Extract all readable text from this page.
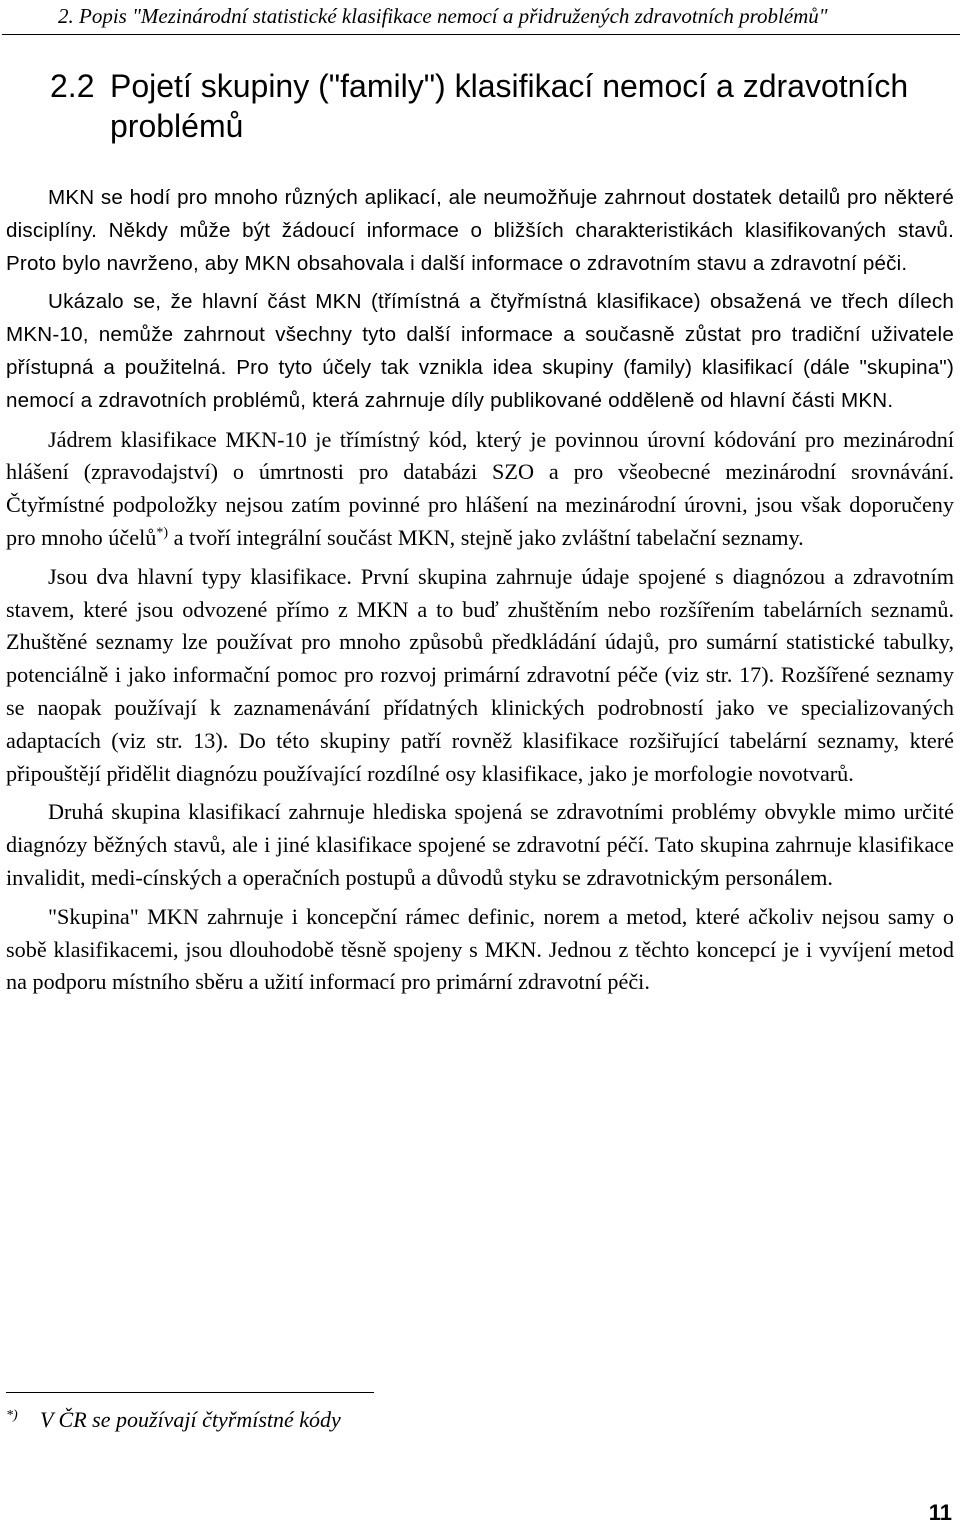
2. Popis "Mezinárodní statistické klasifikace nemocí a přidružených zdravotních problémů"
2.2 Pojetí skupiny ("family") klasifikací nemocí a zdravotních problémů

MKN se hodí pro mnoho různých aplikací, ale neumožňuje zahrnout dostatek detailů pro některé disciplíny. Někdy může být žádoucí informace o bližších charakteristikách klasifikovaných stavů. Proto bylo navrženo, aby MKN obsahovala i další informace o zdravotním stavu a zdravotní péči.

Ukázalo se, že hlavní část MKN (třímístná a čtyřmístná klasifikace) obsažená ve třech dílech MKN-10, nemůže zahrnout všechny tyto další informace a současně zůstat pro tradiční uživatele přístupná a použitelná. Pro tyto účely tak vznikla idea skupiny (family) klasifikací (dále "skupina") nemocí a zdravotních problémů, která zahrnuje díly publikované odděleně od hlavní části MKN.

Jádrem klasifikace MKN-10 je třímístný kód, který je povinnou úrovní kódování pro mezinárodní hlášení (zpravodajství) o úmrtnosti pro databázi SZO a pro všeobecné mezinárodní srovnávání. Čtyřmístné podpoložky nejsou zatím povinné pro hlášení na mezinárodní úrovni, jsou však doporučeny pro mnoho účelů*) a tvoří integrální součást MKN, stejně jako zvláštní tabelační seznamy.

Jsou dva hlavní typy klasifikace. První skupina zahrnuje údaje spojené s diagnózou a zdravotním stavem, které jsou odvozené přímo z MKN a to buď zhuštěním nebo rozšířením tabelárních seznamů. Zhuštěné seznamy lze používat pro mnoho způsobů předkládání údajů, pro sumární statistické tabulky, potenciálně i jako informační pomoc pro rozvoj primární zdravotní péče (viz str. 17). Rozšířené seznamy se naopak používají k zaznamenávání přídatných klinických podrobností jako ve specializovaných adaptacích (viz str. 13). Do této skupiny patří rovněž klasifikace rozšiřující tabelární seznamy, které připouštějí přidělit diagnózu používající rozdílné osy klasifikace, jako je morfologie novotvarů.

Druhá skupina klasifikací zahrnuje hlediska spojená se zdravotními problémy obvykle mimo určité diagnózy běžných stavů, ale i jiné klasifikace spojené se zdravotní péčí. Tato skupina zahrnuje klasifikace invalidit, medi-cínských a operačních postupů a důvodů styku se zdravotnickým personálem.

"Skupina" MKN zahrnuje i koncepční rámec definic, norem a metod, které ačkoliv nejsou samy o sobě klasifikacemi, jsou dlouhodobě těsně spojeny s MKN. Jednou z těchto koncepcí je i vyvíjení metod na podporu místního sběru a užití informací pro primární zdravotní péči.

*) V ČR se používají čtyřmístné kódy
11
